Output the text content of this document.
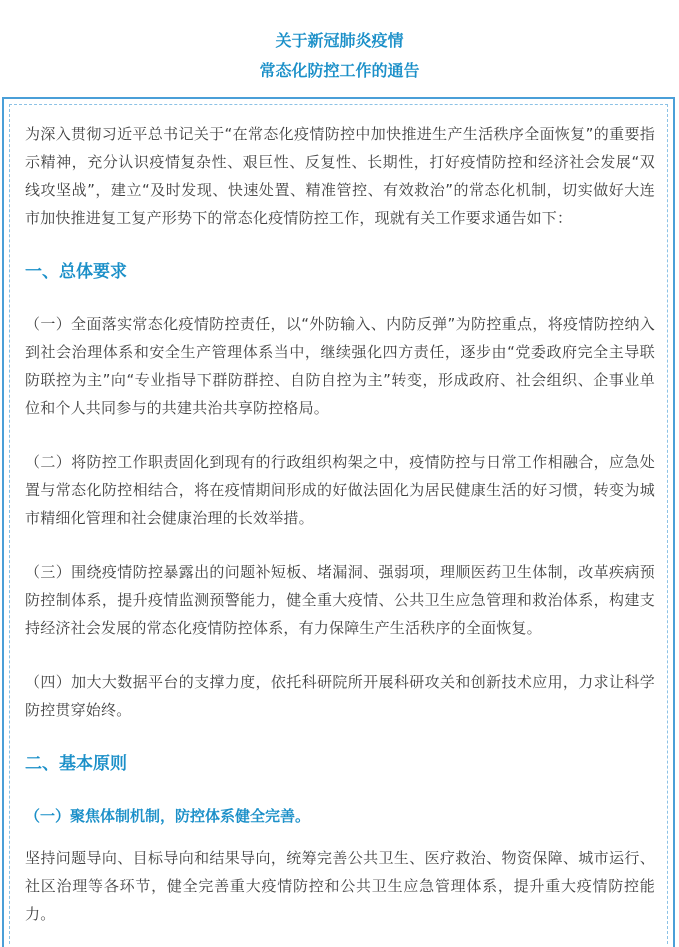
关于新冠肺炎疫情
常态化防控工作的通告

为深入贯彻习近平总书记关于“在常态化疫情防控中加快推进生产生活秩序全面恢复”的重要指示精神，充分认识疫情复杂性、艰巨性、反复性、长期性，打好疫情防控和经济社会发展“双线攻坚战”，建立“及时发现、快速处置、精准管控、有效救治”的常态化机制，切实做好大连市加快推进复工复产形势下的常态化疫情防控工作，现就有关工作要求通告如下：

一、总体要求

（一）全面落实常态化疫情防控责任，以“外防输入、内防反弹”为防控重点，将疫情防控纳入到社会治理体系和安全生产管理体系当中，继续强化四方责任，逐步由“党委政府完全主导联防联控为主”向“专业指导下群防群控、自防自控为主”转变，形成政府、社会组织、企事业单位和个人共同参与的共建共治共享防控格局。

（二）将防控工作职责固化到现有的行政组织构架之中，疫情防控与日常工作相融合，应急处置与常态化防控相结合，将在疫情期间形成的好做法固化为居民健康生活的好习惯，转变为城市精细化管理和社会健康治理的长效举措。

（三）围绕疫情防控暴露出的问题补短板、堵漏洞、强弱项，理顺医药卫生体制，改革疾病预防控制体系，提升疫情监测预警能力，健全重大疫情、公共卫生应急管理和救治体系，构建支持经济社会发展的常态化疫情防控体系，有力保障生产生活秩序的全面恢复。

（四）加大大数据平台的支撑力度，依托科研院所开展科研攻关和创新技术应用，力求让科学防控贯穿始终。

二、基本原则
（一）聚焦体制机制，防控体系健全完善。

坚持问题导向、目标导向和结果导向，统筹完善公共卫生、医疗救治、物资保障、城市运行、社区治理等各环节，健全完善重大疫情防控和公共卫生应急管理体系，提升重大疫情防控能力。
